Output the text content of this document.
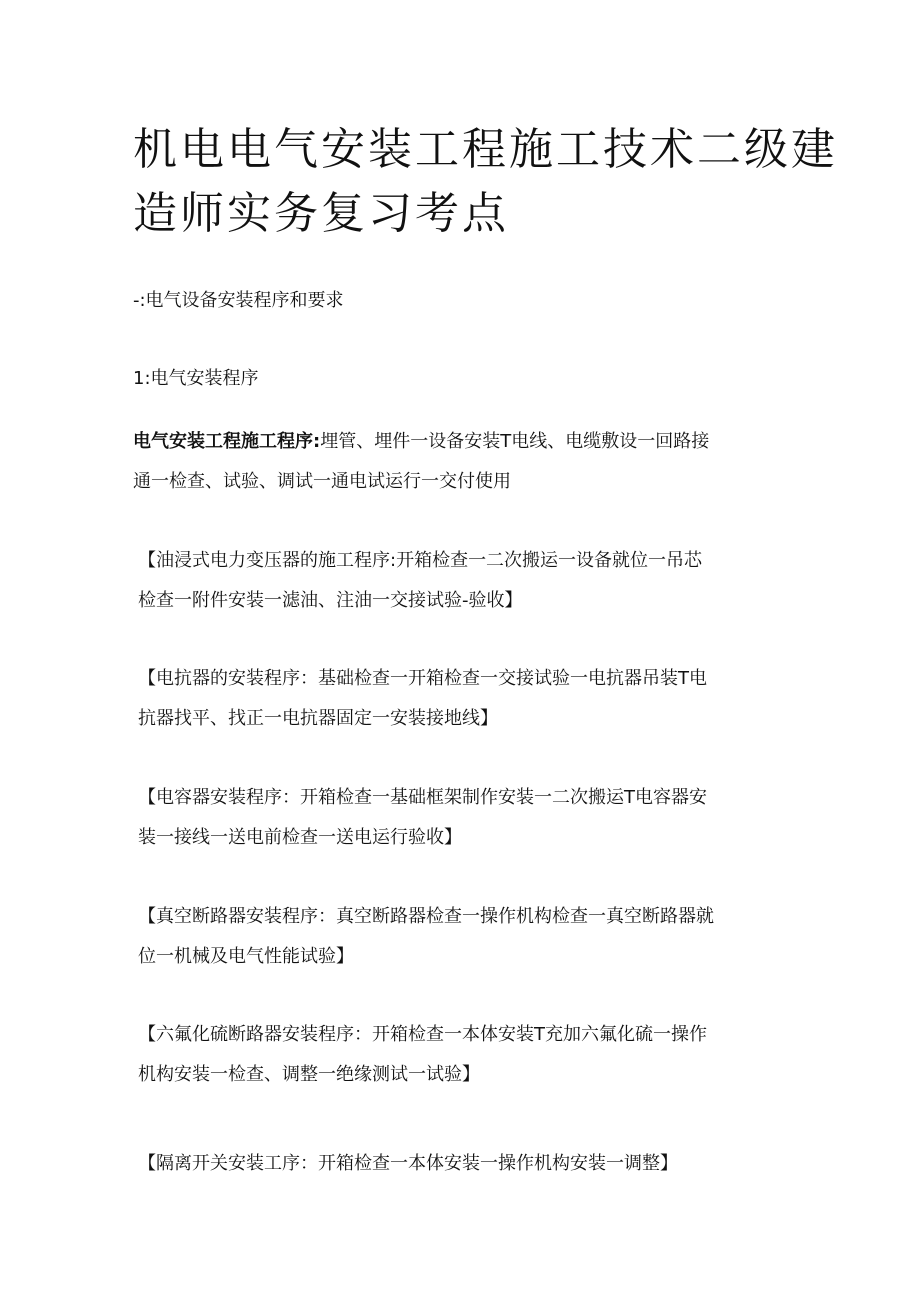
机电电气安装工程施工技术二级建
造师实务复习考点

-:电气设备安装程序和要求

1:电气安装程序

电气安装工程施工程序:埋管、埋件一设备安装T电线、电缆敷设一回路接
通一检查、试验、调试一通电试运行一交付使用

【油浸式电力变压器的施工程序:开箱检查一二次搬运一设备就位一吊芯
检查一附件安装一滤油、注油一交接试验-验收】

【电抗器的安装程序：基础检查一开箱检查一交接试验一电抗器吊装T电
抗器找平、找正一电抗器固定一安装接地线】

【电容器安装程序：开箱检查一基础框架制作安装一二次搬运T电容器安
装一接线一送电前检查一送电运行验收】

【真空断路器安装程序：真空断路器检查一操作机构检查一真空断路器就
位一机械及电气性能试验】

【六氟化硫断路器安装程序：开箱检查一本体安装T充加六氟化硫一操作
机构安装一检查、调整一绝缘测试一试验】

【隔离开关安装工序：开箱检查一本体安装一操作机构安装一调整】
